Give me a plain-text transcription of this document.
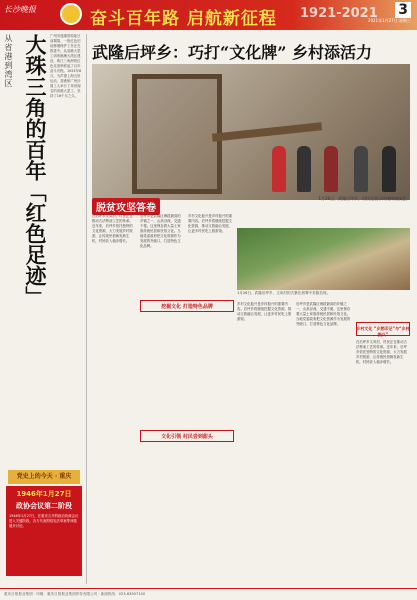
长沙晚报	奋斗百年路 启航新征程 1921-2021 3
2021年1月27日 星期三
从省港到湾区 大珠三角的百年「红色足迹」 广州市莲湖馆原址日前揭幕，一批红色旧址修缮保护工作正在推进中。从省港大罢工到粤港澳大湾区建设，珠江三角洲的红色足迹串联起了百年奋斗历程。1925年6月，为声援上海五卅运动，香港和广州沙面工人举行了举世闻名的省港大罢工，坚持了16个月之久。
武隆后坪乡：巧打“文化牌” 乡村添活力
1月26日，武隆后坪乡，村民在展示传统榨油技艺。
脱贫攻坚答卷
在后坪乡文凤村，村民正在推动古法榨油工艺的传承。近年来，后坪乡依托独特的文化资源，大力发展乡村旅游，让传统民俗焕发新生机，村民收入稳步增长。
后坪乡是武隆区海拔最高的乡镇之一，山高谷深，交通不便。这里保存着大量土家族传统民居和民俗文化。当地党委政府把文化资源作为发展的突破口，打造特色文化品牌。
乡村文化振兴是乡村振兴的重要内容。后坪乡将继续挖掘文化资源，推动文旅融合发展，让更多村民吃上旅游饭。
挖掘文化 打造特色品牌
文化引领 村民尝到甜头
1月26日，武隆后坪乡，文凤村的古寨在晨雾中若隐若现。
乡村文化振兴是乡村振兴的重要内容。后坪乡将继续挖掘文化资源，推动文旅融合发展，让更多村民吃上旅游饭。
后坪乡是武隆区海拔最高的乡镇之一，山高谷深，交通不便。这里保存着大量土家族传统民居和民俗文化。当地党委政府把文化资源作为发展的突破口，打造特色文化品牌。
乡村文化 “乡愁印记”与“乡村振兴”
在后坪乡文凤村，村民正在推动古法榨油工艺的传承。近年来，后坪乡依托独特的文化资源，大力发展乡村旅游，让传统民俗焕发新生机，村民收入稳步增长。
党史上的今天 · 重庆
1946年1月27日
政协会议第二阶段
1946年1月27日，在重庆召开的政治协商会议进入关键阶段，各方代表围绕宪法草案等问题展开讨论。
重庆日报报业集团 · 印刷：重庆日报报业集团印务有限公司 · 新闻热线：023-63907100
